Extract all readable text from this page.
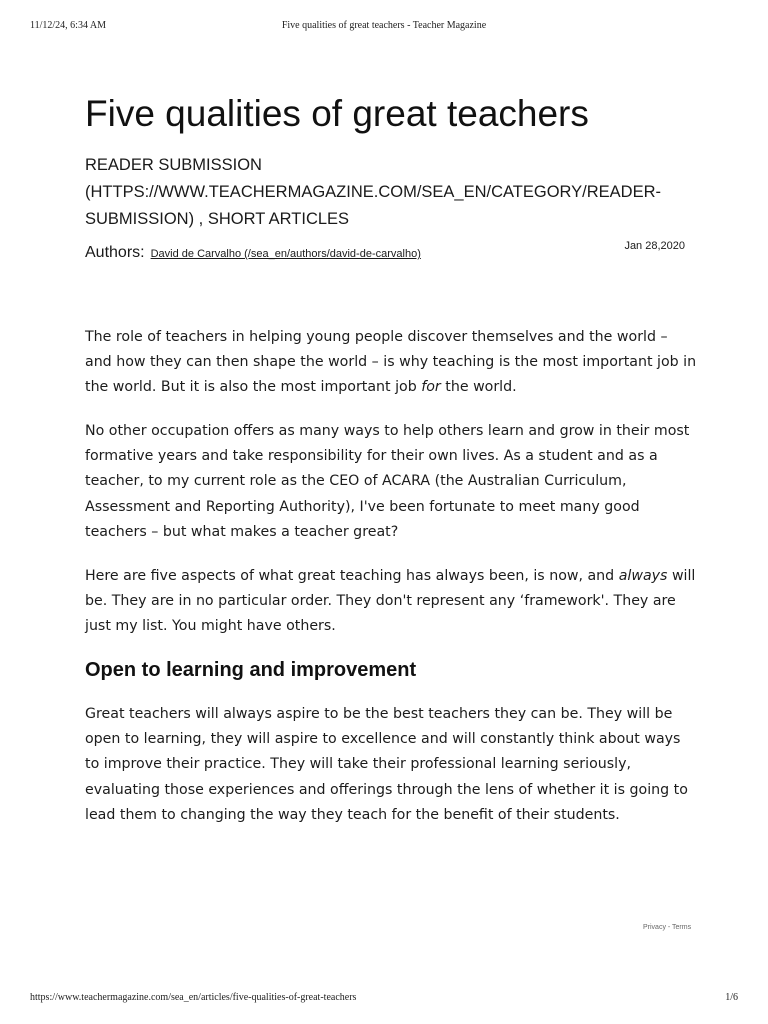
11/12/24, 6:34 AM	Five qualities of great teachers - Teacher Magazine
Five qualities of great teachers
READER SUBMISSION
(HTTPS://WWW.TEACHERMAGAZINE.COM/SEA_EN/CATEGORY/READER-
SUBMISSION) , SHORT ARTICLES
Authors: David de Carvalho (/sea_en/authors/david-de-carvalho)
Jan 28,2020

The role of teachers in helping young people discover themselves and the world – and how they can then shape the world – is why teaching is the most important job in the world. But it is also the most important job for the world.

No other occupation offers as many ways to help others learn and grow in their most formative years and take responsibility for their own lives. As a student and as a teacher, to my current role as the CEO of ACARA (the Australian Curriculum, Assessment and Reporting Authority), I've been fortunate to meet many good teachers – but what makes a teacher great?

Here are five aspects of what great teaching has always been, is now, and always will be. They are in no particular order. They don't represent any ‘framework'. They are just my list. You might have others.

Open to learning and improvement

Great teachers will always aspire to be the best teachers they can be. They will be open to learning, they will aspire to excellence and will constantly think about ways to improve their practice. They will take their professional learning seriously, evaluating those experiences and offerings through the lens of whether it is going to lead them to changing the way they teach for the benefit of their students.

Privacy - Terms
https://www.teachermagazine.com/sea_en/articles/five-qualities-of-great-teachers	1/6
